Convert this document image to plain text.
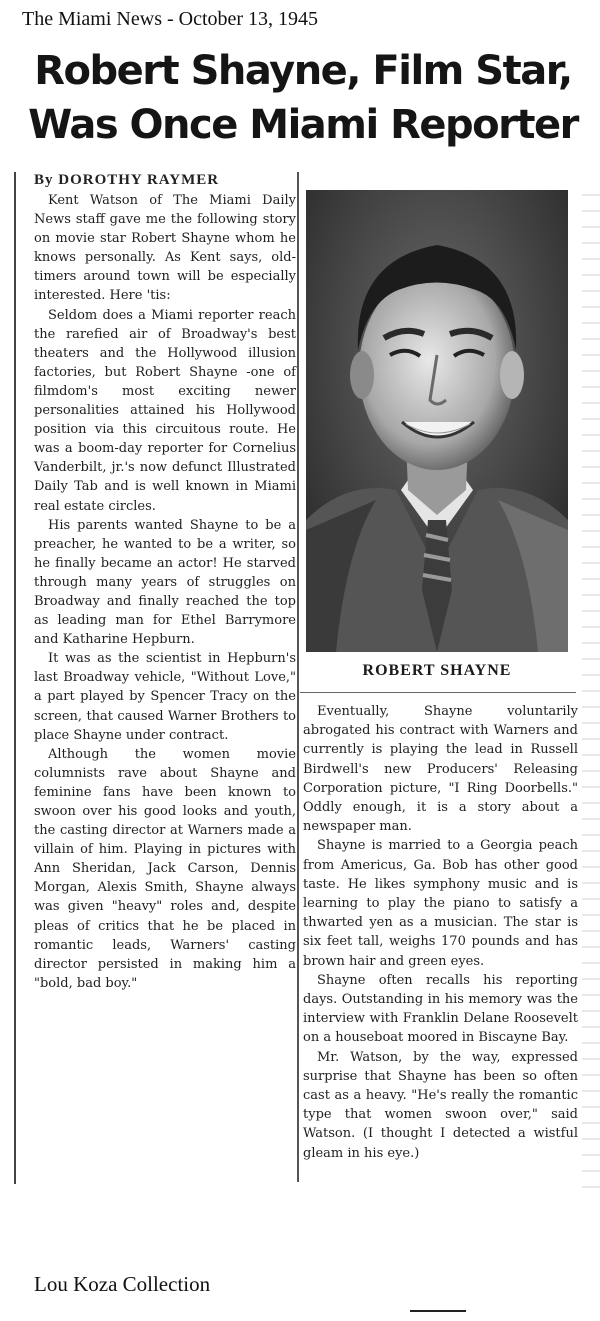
The Miami News - October 13, 1945
Robert Shayne, Film Star,
Was Once Miami Reporter

By DOROTHY RAYMER

Kent Watson of The Miami Daily News staff gave me the following story on movie star Robert Shayne whom he knows personally. As Kent says, old-timers around town will be especially interested. Here 'tis:

Seldom does a Miami reporter reach the rarefied air of Broadway's best theaters and the Hollywood illusion factories, but Robert Shayne -one of filmdom's most exciting newer personalities attained his Hollywood position via this circuitous route. He was a boom-day reporter for Cornelius Vanderbilt, jr.'s now defunct Illustrated Daily Tab and is well known in Miami real estate circles.

His parents wanted Shayne to be a preacher, he wanted to be a writer, so he finally became an actor! He starved through many years of struggles on Broadway and finally reached the top as leading man for Ethel Barrymore and Katharine Hepburn.

It was as the scientist in Hepburn's last Broadway vehicle, "Without Love," a part played by Spencer Tracy on the screen, that caused Warner Brothers to place Shayne under contract.

Although the women movie columnists rave about Shayne and feminine fans have been known to swoon over his good looks and youth, the casting director at Warners made a villain of him. Playing in pictures with Ann Sheridan, Jack Carson, Dennis Morgan, Alexis Smith, Shayne always was given "heavy" roles and, despite pleas of critics that he be placed in romantic leads, Warners' casting director persisted in making him a "bold, bad boy."

ROBERT SHAYNE

Eventually, Shayne voluntarily abrogated his contract with Warners and currently is playing the lead in Russell Birdwell's new Producers' Releasing Corporation picture, "I Ring Doorbells." Oddly enough, it is a story about a newspaper man.

Shayne is married to a Georgia peach from Americus, Ga. Bob has other good taste. He likes symphony music and is learning to play the piano to satisfy a thwarted yen as a musician. The star is six feet tall, weighs 170 pounds and has brown hair and green eyes.

Shayne often recalls his reporting days. Outstanding in his memory was the interview with Franklin Delane Roosevelt on a houseboat moored in Biscayne Bay.

Mr. Watson, by the way, expressed surprise that Shayne has been so often cast as a heavy. "He's really the romantic type that women swoon over," said Watson. (I thought I detected a wistful gleam in his eye.)

Lou Koza Collection
